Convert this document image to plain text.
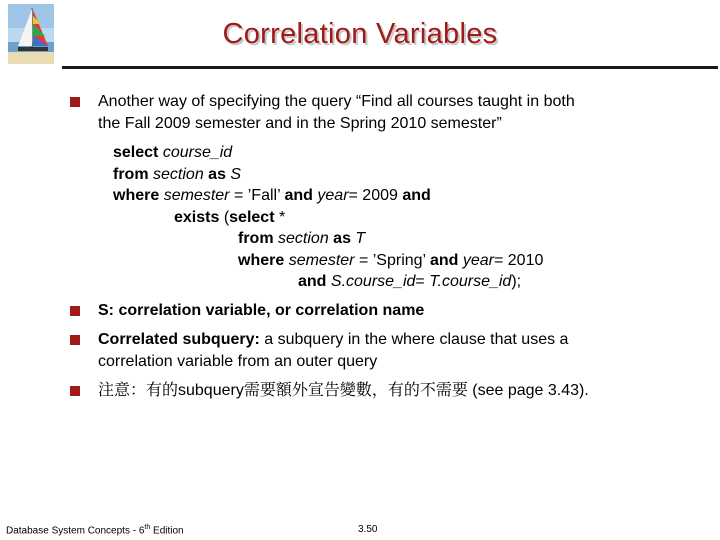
Correlation Variables
Another way of specifying the query “Find all courses taught in both
the Fall 2009 semester and in the Spring 2010 semester”
select course_id
from section as S
where semester = ’Fall’ and year= 2009 and
exists (select *
from section as T
where semester = ’Spring’ and year= 2010
and S.course_id= T.course_id);
S: correlation variable, or correlation name
Correlated subquery: a subquery in the where clause that uses a
correlation variable from an outer query
注意：有的subquery需要額外宣告變數，有的不需要 (see page 3.43).
Database System Concepts - 6th Edition	3.50
